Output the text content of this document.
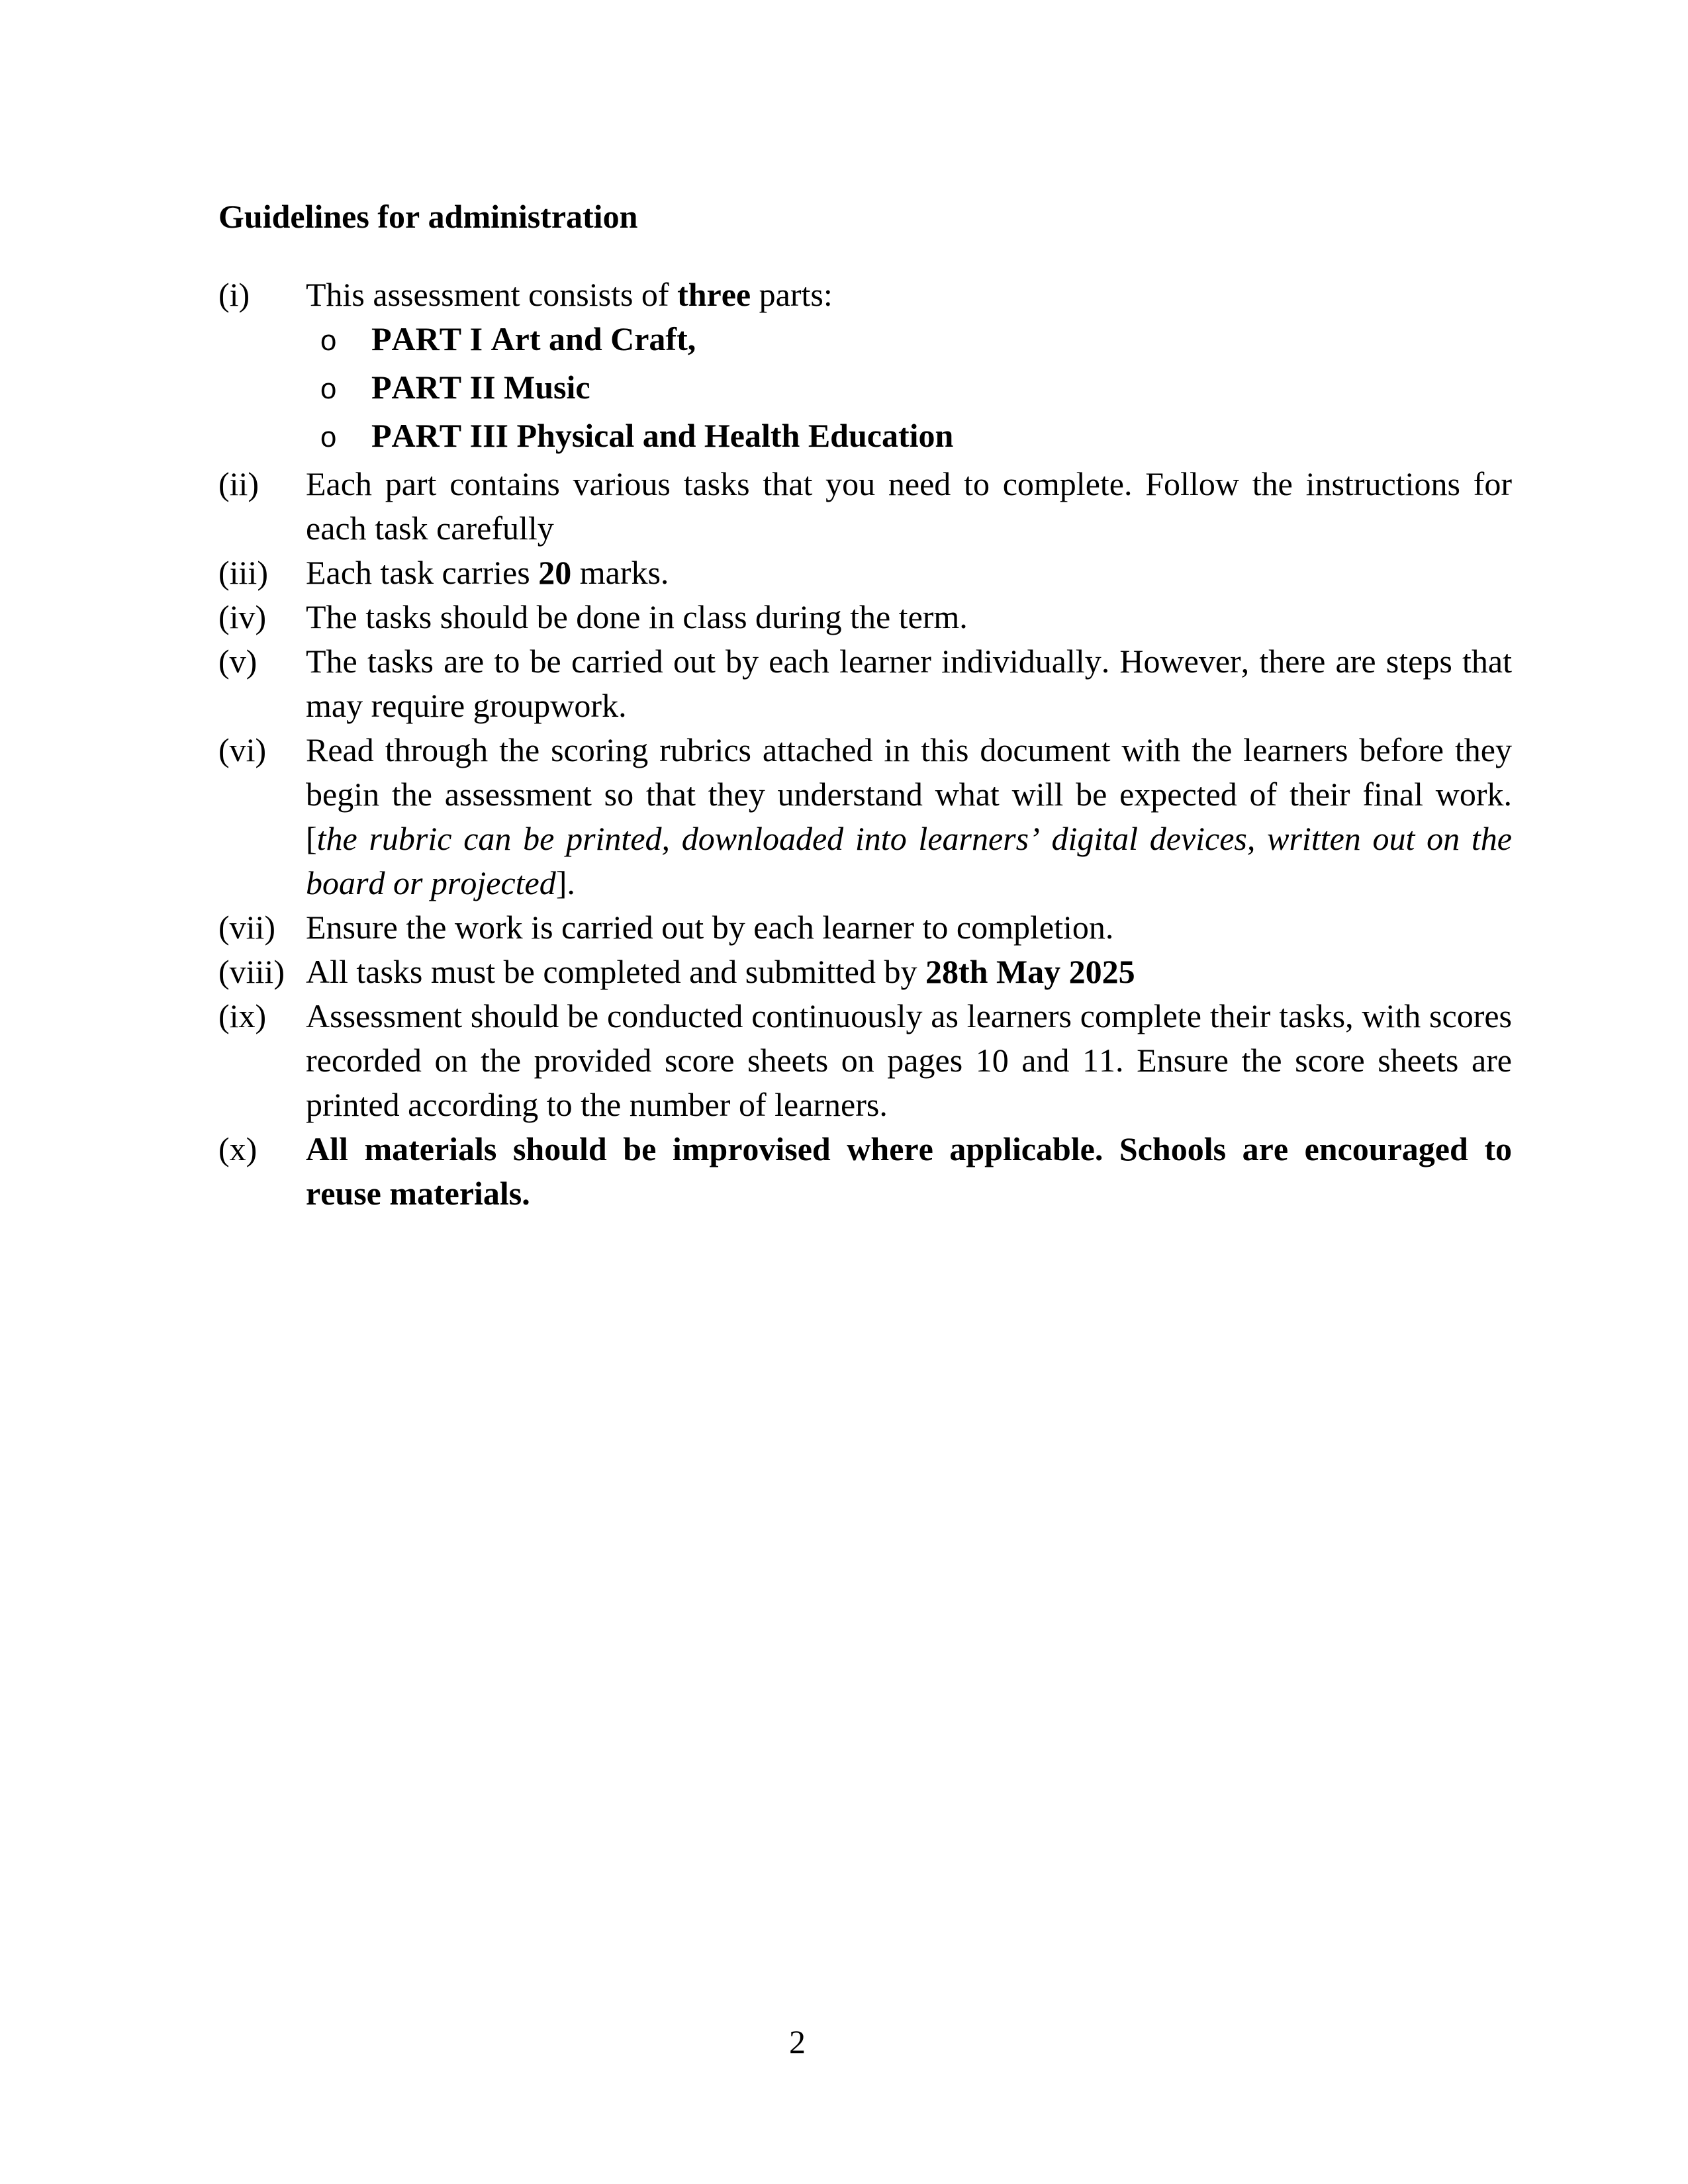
Guidelines for administration
(i)	This assessment consists of three parts:
o	PART I Art and Craft,
o	PART II Music
o	PART III Physical and Health Education
(ii)	Each part contains various tasks that you need to complete. Follow the instructions for each task carefully
(iii)	Each task carries 20 marks.
(iv)	The tasks should be done in class during the term.
(v)	The tasks are to be carried out by each learner individually. However, there are steps that may require groupwork.
(vi)	Read through the scoring rubrics attached in this document with the learners before they begin the assessment so that they understand what will be expected of their final work. [the rubric can be printed, downloaded into learners’ digital devices, written out on the board or projected].
(vii) Ensure the work is carried out by each learner to completion.
(viii) All tasks must be completed and submitted by 28th May 2025
(ix)	Assessment should be conducted continuously as learners complete their tasks, with scores recorded on the provided score sheets on pages 10 and 11. Ensure the score sheets are printed according to the number of learners.
(x)	All materials should be improvised where applicable. Schools are encouraged to reuse materials.
2
